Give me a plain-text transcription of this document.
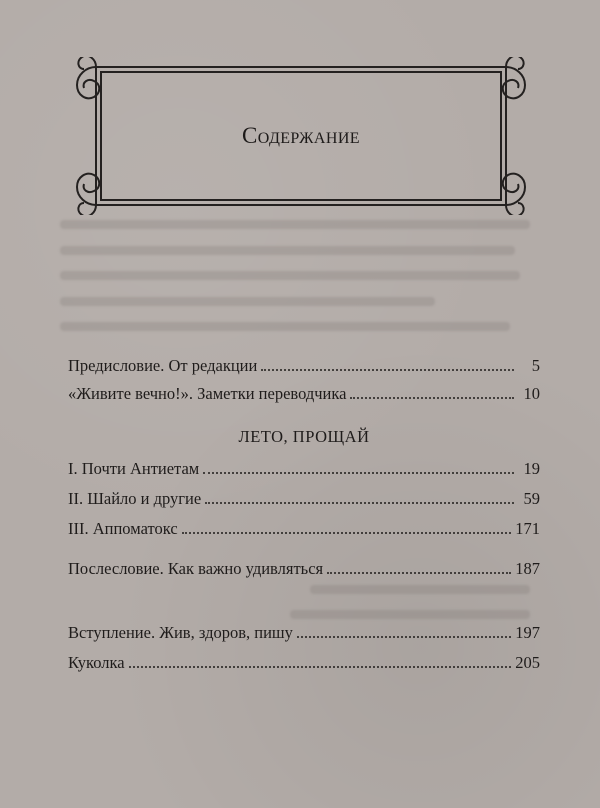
Содержание
Предисловие. От редакции	5
«Живите вечно!». Заметки переводчика	10
ЛЕТО, ПРОЩАЙ
I. Почти Антиетам	19
II. Шайло и другие	59
III. Аппоматокс	171
Послесловие. Как важно удивляться	187
Вступление. Жив, здоров, пишу	197
Куколка	205
